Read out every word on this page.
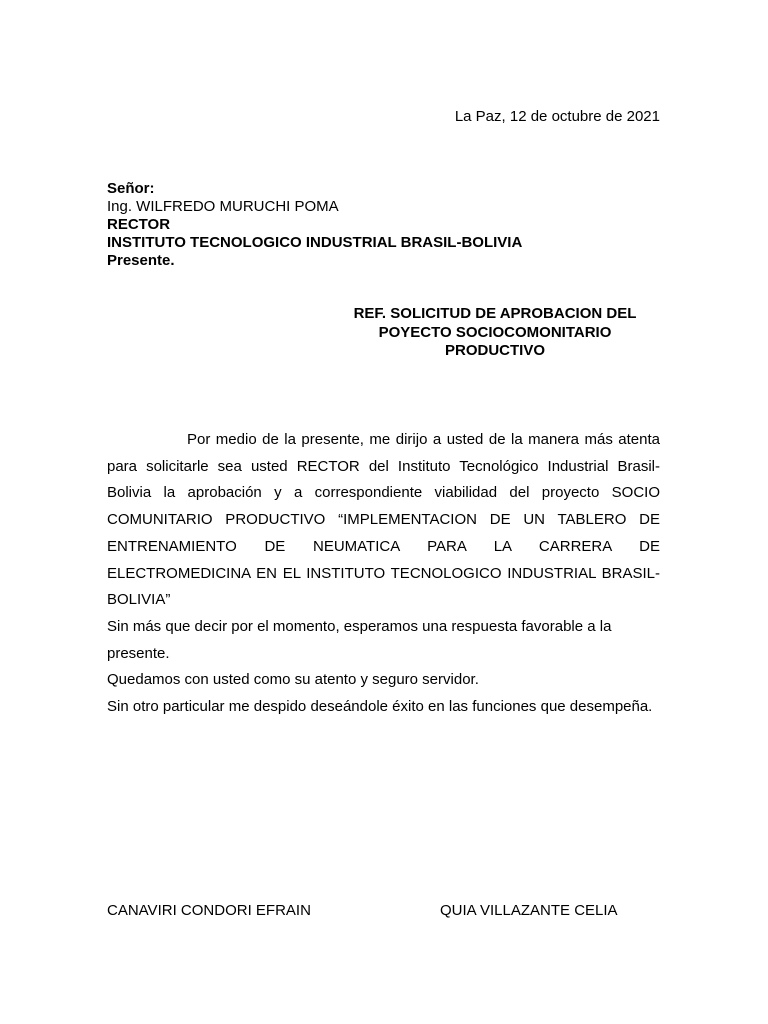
La Paz, 12 de octubre de 2021
Señor:
Ing. WILFREDO MURUCHI POMA
RECTOR
INSTITUTO TECNOLOGICO INDUSTRIAL BRASIL-BOLIVIA
Presente.
REF. SOLICITUD DE APROBACION DEL
POYECTO SOCIOCOMONITARIO
PRODUCTIVO

Por medio de la presente, me dirijo a usted de la manera más atenta para solicitarle sea usted RECTOR del Instituto Tecnológico Industrial Brasil-Bolivia la aprobación y a correspondiente viabilidad del proyecto SOCIO COMUNITARIO PRODUCTIVO “IMPLEMENTACION DE UN TABLERO DE ENTRENAMIENTO DE NEUMATICA PARA LA CARRERA DE ELECTROMEDICINA EN EL INSTITUTO TECNOLOGICO INDUSTRIAL BRASIL-BOLIVIA”

Sin más que decir por el momento, esperamos una respuesta favorable a la presente.

Quedamos con usted como su atento y seguro servidor.

Sin otro particular me despido deseándole éxito en las funciones que desempeña.

CANAVIRI CONDORI EFRAIN	QUIA VILLAZANTE CELIA
